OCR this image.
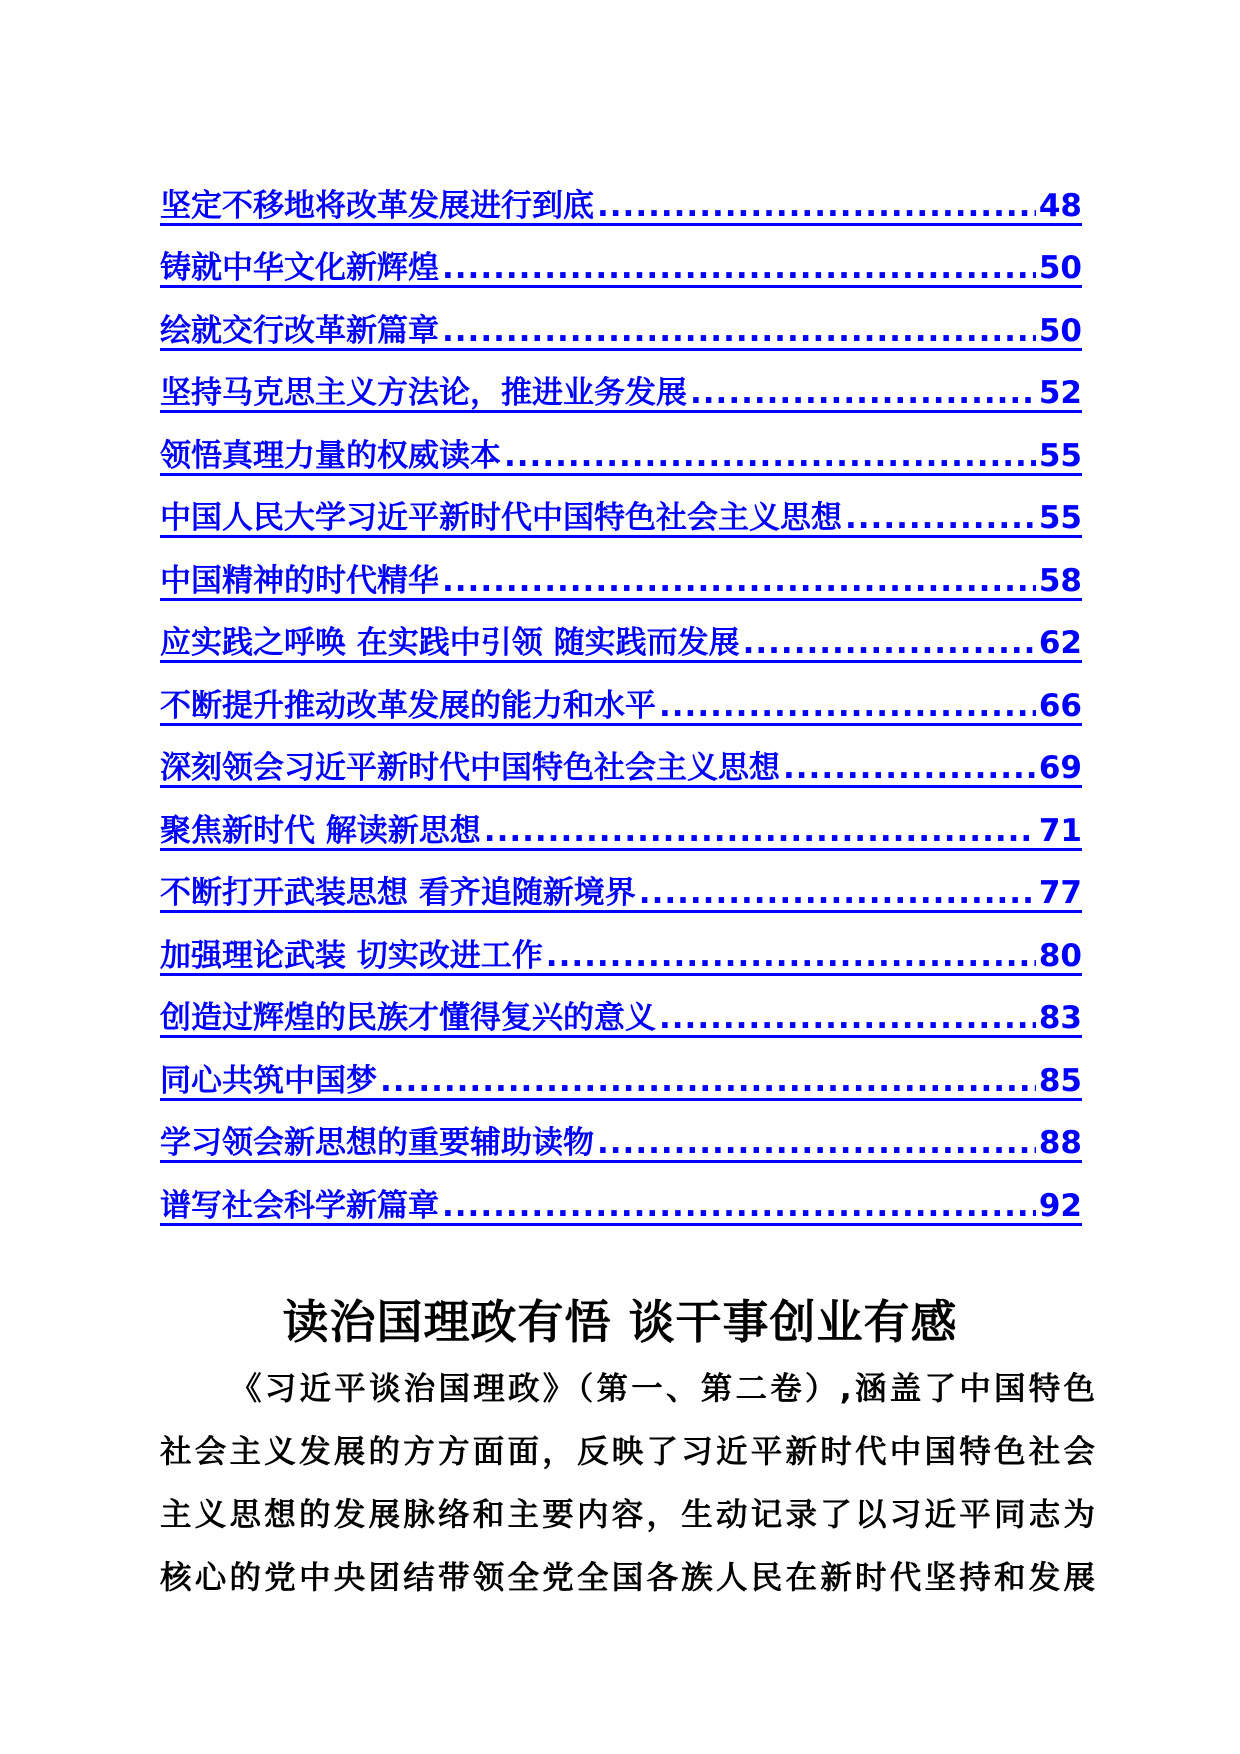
坚定不移地将改革发展进行到底 .....	48
铸就中华文化新辉煌 .....	50
绘就交行改革新篇章 .....	50
坚持马克思主义方法论，推进业务发展 .....	52
领悟真理力量的权威读本 .....	55
中国人民大学习近平新时代中国特色社会主义思想 .....	55
中国精神的时代精华 .....	58
应实践之呼唤 在实践中引领 随实践而发展 .....	62
不断提升推动改革发展的能力和水平 .....	66
深刻领会习近平新时代中国特色社会主义思想 .....	69
聚焦新时代 解读新思想 .....	71
不断打开武装思想 看齐追随新境界 .....	77
加强理论武装 切实改进工作 .....	80
创造过辉煌的民族才懂得复兴的意义 .....	83
同心共筑中国梦 .....	85
学习领会新思想的重要辅助读物 .....	88
谱写社会科学新篇章 .....	92
读治国理政有悟 谈干事创业有感
《习近平谈治国理政》（第一、第二卷）,涵盖了中国特色
社会主义发展的方方面面，反映了习近平新时代中国特色社会
主义思想的发展脉络和主要内容，生动记录了以习近平同志为
核心的党中央团结带领全党全国各族人民在新时代坚持和发展
